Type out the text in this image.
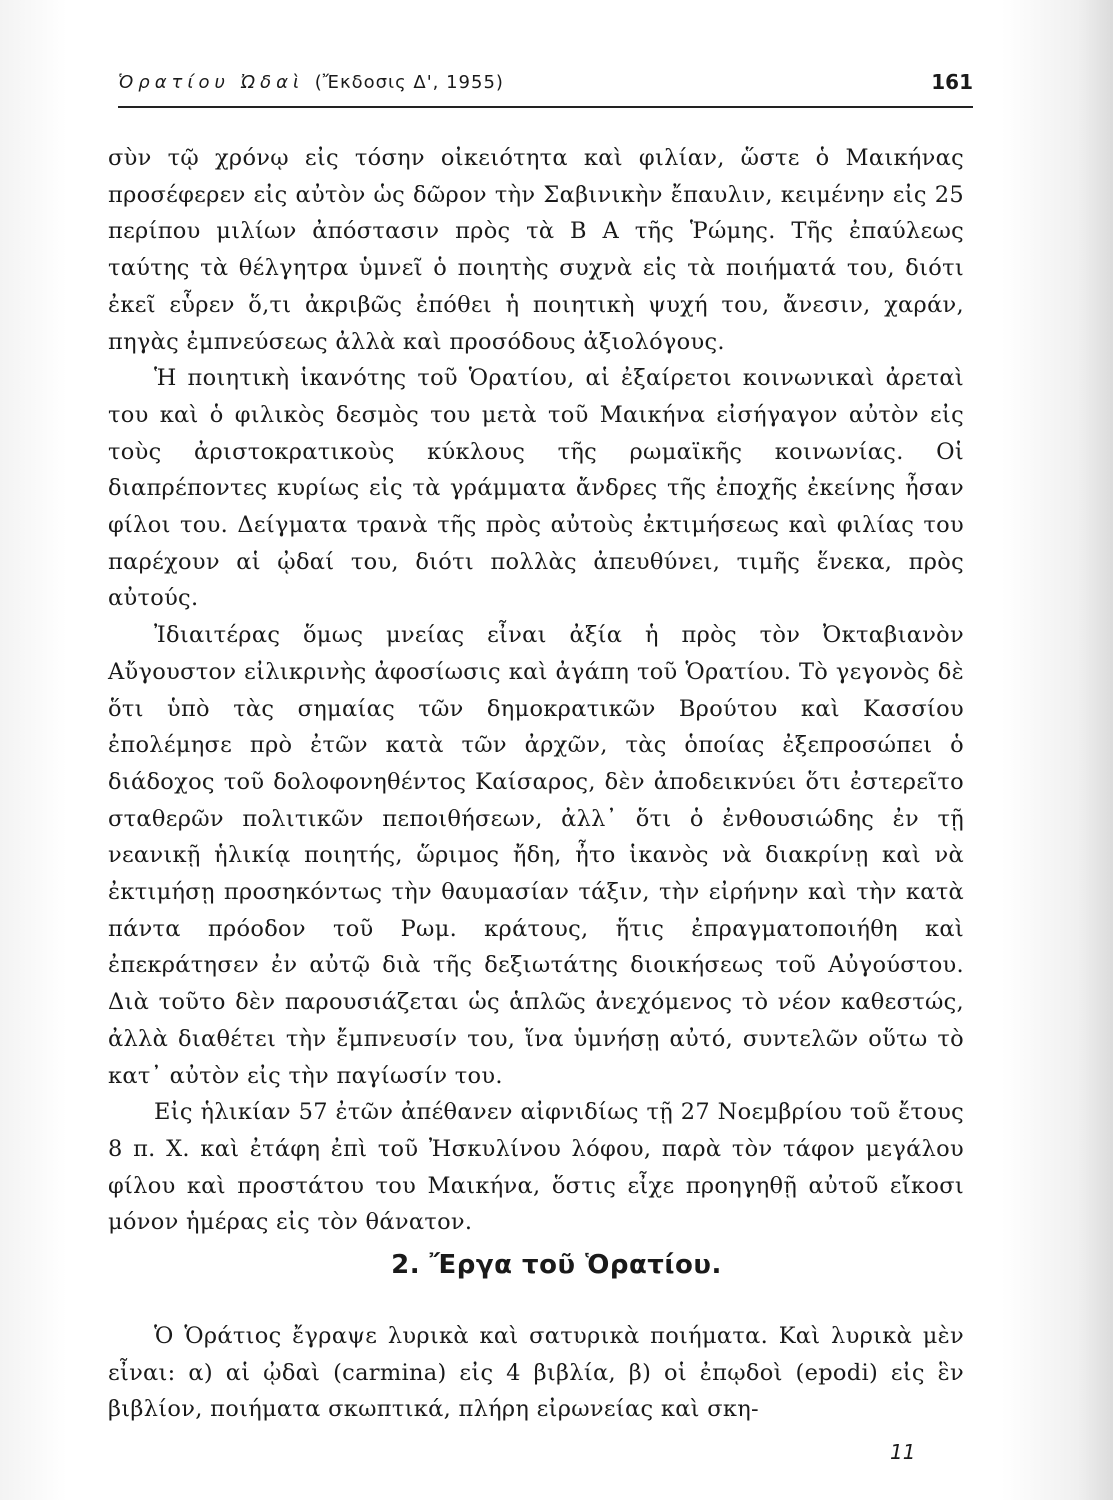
Ὁρατίου Ὠδαὶ (Ἔκδοσις Δ', 1955)	161

σὺν τῷ χρόνῳ εἰς τόσην οἰκειότητα καὶ φιλίαν, ὥστε ὁ Μαικήνας προσέφερεν εἰς αὐτὸν ὡς δῶρον τὴν Σαβινικὴν ἔπαυλιν, κειμένην εἰς 25 περίπου μιλίων ἀπόστασιν πρὸς τὰ Β Α τῆς Ῥώμης. Τῆς ἐπαύλεως ταύτης τὰ θέλγητρα ὑμνεῖ ὁ ποιητὴς συχνὰ εἰς τὰ ποιήματά του, διότι ἐκεῖ εὗρεν ὅ,τι ἀκριβῶς ἐπόθει ἡ ποιητικὴ ψυχή του, ἄνεσιν, χαράν, πηγὰς ἐμπνεύσεως ἀλλὰ καὶ προσόδους ἀξιολόγους.

Ἡ ποιητικὴ ἱκανότης τοῦ Ὁρατίου, αἱ ἐξαίρετοι κοινωνικαὶ ἀρεταὶ του καὶ ὁ φιλικὸς δεσμὸς του μετὰ τοῦ Μαικήνα εἰσήγαγον αὐτὸν εἰς τοὺς ἀριστοκρατικοὺς κύκλους τῆς ρωμαϊκῆς κοινωνίας. Οἱ διαπρέποντες κυρίως εἰς τὰ γράμματα ἄνδρες τῆς ἐποχῆς ἐκείνης ἦσαν φίλοι του. Δείγματα τρανὰ τῆς πρὸς αὐτοὺς ἐκτιμήσεως καὶ φιλίας του παρέχουν αἱ ᾠδαί του, διότι πολλὰς ἀπευθύνει, τιμῆς ἕνεκα, πρὸς αὐτούς.

Ἰδιαιτέρας ὅμως μνείας εἶναι ἀξία ἡ πρὸς τὸν Ὀκταβιανὸν Αὔγουστον εἰλικρινὴς ἀφοσίωσις καὶ ἀγάπη τοῦ Ὁρατίου. Τὸ γεγονὸς δὲ ὅτι ὑπὸ τὰς σημαίας τῶν δημοκρατικῶν Βρούτου καὶ Κασσίου ἐπολέμησε πρὸ ἐτῶν κατὰ τῶν ἀρχῶν, τὰς ὁποίας ἐξεπροσώπει ὁ διάδοχος τοῦ δολοφονηθέντος Καίσαρος, δὲν ἀποδεικνύει ὅτι ἐστερεῖτο σταθερῶν πολιτικῶν πεποιθήσεων, ἀλλ᾽ ὅτι ὁ ἐνθουσιώδης ἐν τῇ νεανικῇ ἡλικίᾳ ποιητής, ὥριμος ἤδη, ἦτο ἱκανὸς νὰ διακρίνῃ καὶ νὰ ἐκτιμήσῃ προσηκόντως τὴν θαυμασίαν τάξιν, τὴν εἰρήνην καὶ τὴν κατὰ πάντα πρόοδον τοῦ Ρωμ. κράτους, ἥτις ἐπραγματοποιήθη καὶ ἐπεκράτησεν ἐν αὐτῷ διὰ τῆς δεξιωτάτης διοικήσεως τοῦ Αὐγούστου. Διὰ τοῦτο δὲν παρουσιάζεται ὡς ἁπλῶς ἀνεχόμενος τὸ νέον καθεστώς, ἀλλὰ διαθέτει τὴν ἔμπνευσίν του, ἵνα ὑμνήσῃ αὐτό, συντελῶν οὕτω τὸ κατ᾽ αὐτὸν εἰς τὴν παγίωσίν του.

Εἰς ἡλικίαν 57 ἐτῶν ἀπέθανεν αἰφνιδίως τῇ 27 Νοεμβρίου τοῦ ἔτους 8 π. Χ. καὶ ἐτάφη ἐπὶ τοῦ Ἠσκυλίνου λόφου, παρὰ τὸν τάφον μεγάλου φίλου καὶ προστάτου του Μαικήνα, ὅστις εἶχε προηγηθῇ αὐτοῦ εἴκοσι μόνον ἡμέρας εἰς τὸν θάνατον.

2. Ἔργα τοῦ Ὁρατίου.

Ὁ Ὁράτιος ἔγραψε λυρικὰ καὶ σατυρικὰ ποιήματα. Καὶ λυρικὰ μὲν εἶναι: α) αἱ ᾠδαὶ (carmina) εἰς 4 βιβλία, β) οἱ ἐπῳδοὶ (epodi) εἰς ἓν βιβλίον, ποιήματα σκωπτικά, πλήρη εἰρωνείας καὶ σκη-

11
